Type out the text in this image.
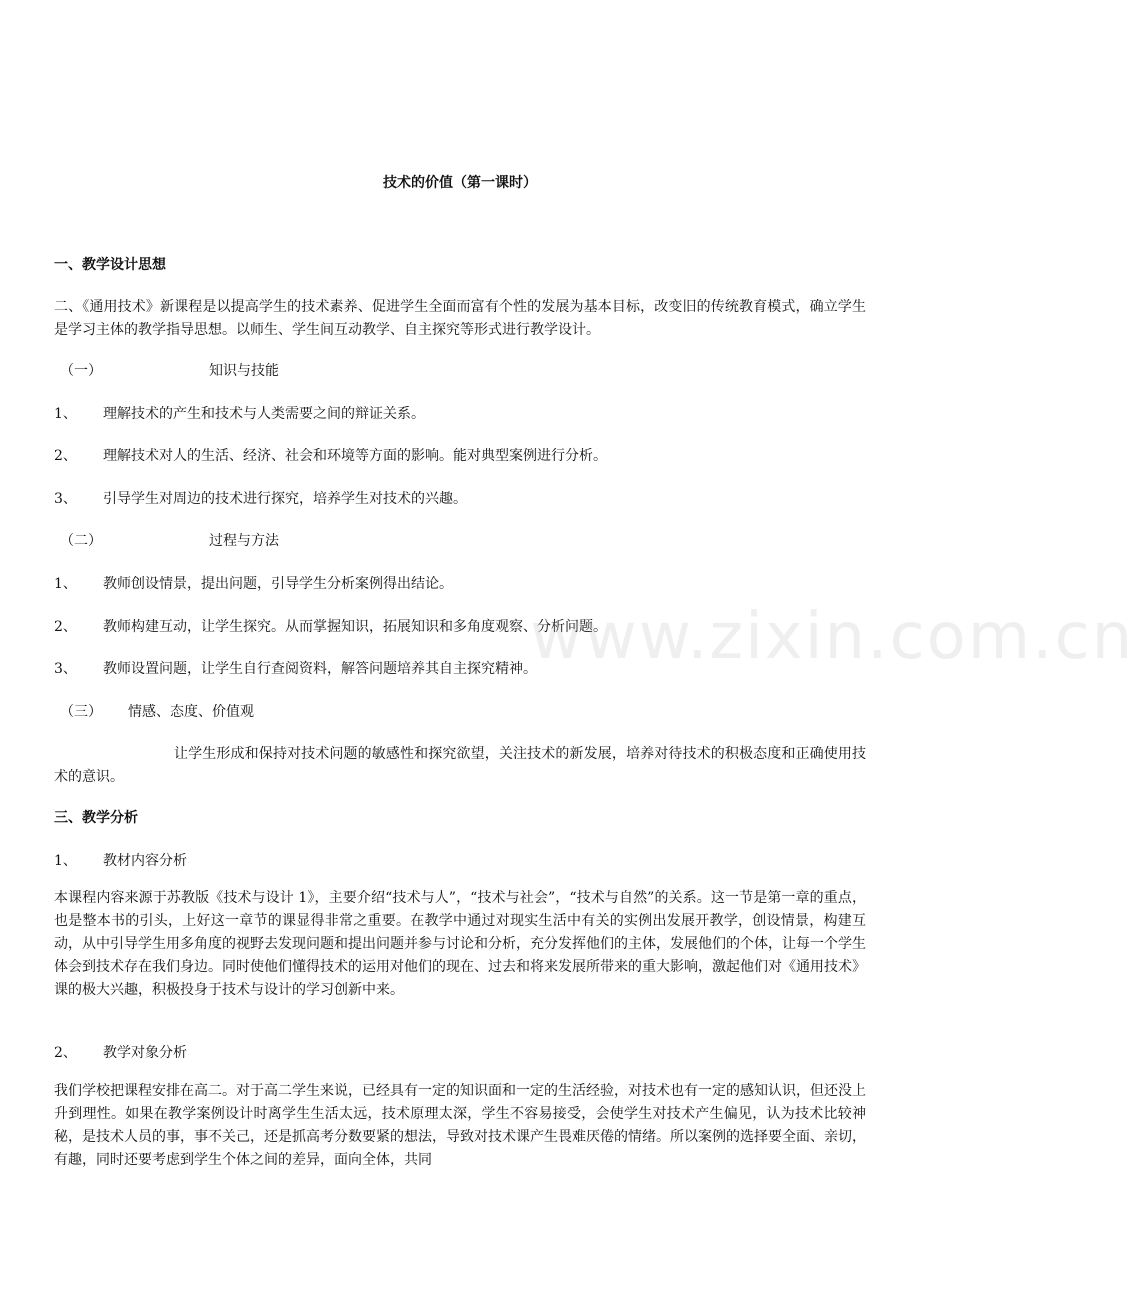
技术的价值（第一课时）
一、教学设计思想
二、《通用技术》新课程是以提高学生的技术素养、促进学生全面而富有个性的发展为基本目标，改变旧的传统教育模式，确立学生是学习主体的教学指导思想。以师生、学生间互动教学、自主探究等形式进行教学设计。
（一）	知识与技能
1、 理解技术的产生和技术与人类需要之间的辩证关系。
2、 理解技术对人的生活、经济、社会和环境等方面的影响。能对典型案例进行分析。
3、 引导学生对周边的技术进行探究，培养学生对技术的兴趣。
（二）	过程与方法
1、 教师创设情景，提出问题，引导学生分析案例得出结论。
2、 教师构建互动，让学生探究。从而掌握知识，拓展知识和多角度观察、分析问题。
3、 教师设置问题，让学生自行查阅资料，解答问题培养其自主探究精神。
（三） 情感、态度、价值观
让学生形成和保持对技术问题的敏感性和探究欲望，关注技术的新发展，培养对待技术的积极态度和正确使用技术的意识。
三、教学分析
1、 教材内容分析
本课程内容来源于苏教版《技术与设计 1》，主要介绍“技术与人”，“技术与社会”，“技术与自然”的关系。这一节是第一章的重点，也是整本书的引头，上好这一章节的课显得非常之重要。在教学中通过对现实生活中有关的实例出发展开教学，创设情景，构建互动，从中引导学生用多角度的视野去发现问题和提出问题并参与讨论和分析，充分发挥他们的主体，发展他们的个体，让每一个学生体会到技术存在我们身边。同时使他们懂得技术的运用对他们的现在、过去和将来发展所带来的重大影响，激起他们对《通用技术》课的极大兴趣，积极投身于技术与设计的学习创新中来。
2、 教学对象分析
我们学校把课程安排在高二。对于高二学生来说，已经具有一定的知识面和一定的生活经验，对技术也有一定的感知认识，但还没上升到理性。如果在教学案例设计时离学生生活太远，技术原理太深，学生不容易接受，会使学生对技术产生偏见，认为技术比较神秘，是技术人员的事，事不关己，还是抓高考分数要紧的想法，导致对技术课产生畏难厌倦的情绪。所以案例的选择要全面、亲切，有趣，同时还要考虑到学生个体之间的差异，面向全体，共同
www.zixin.com.cn
